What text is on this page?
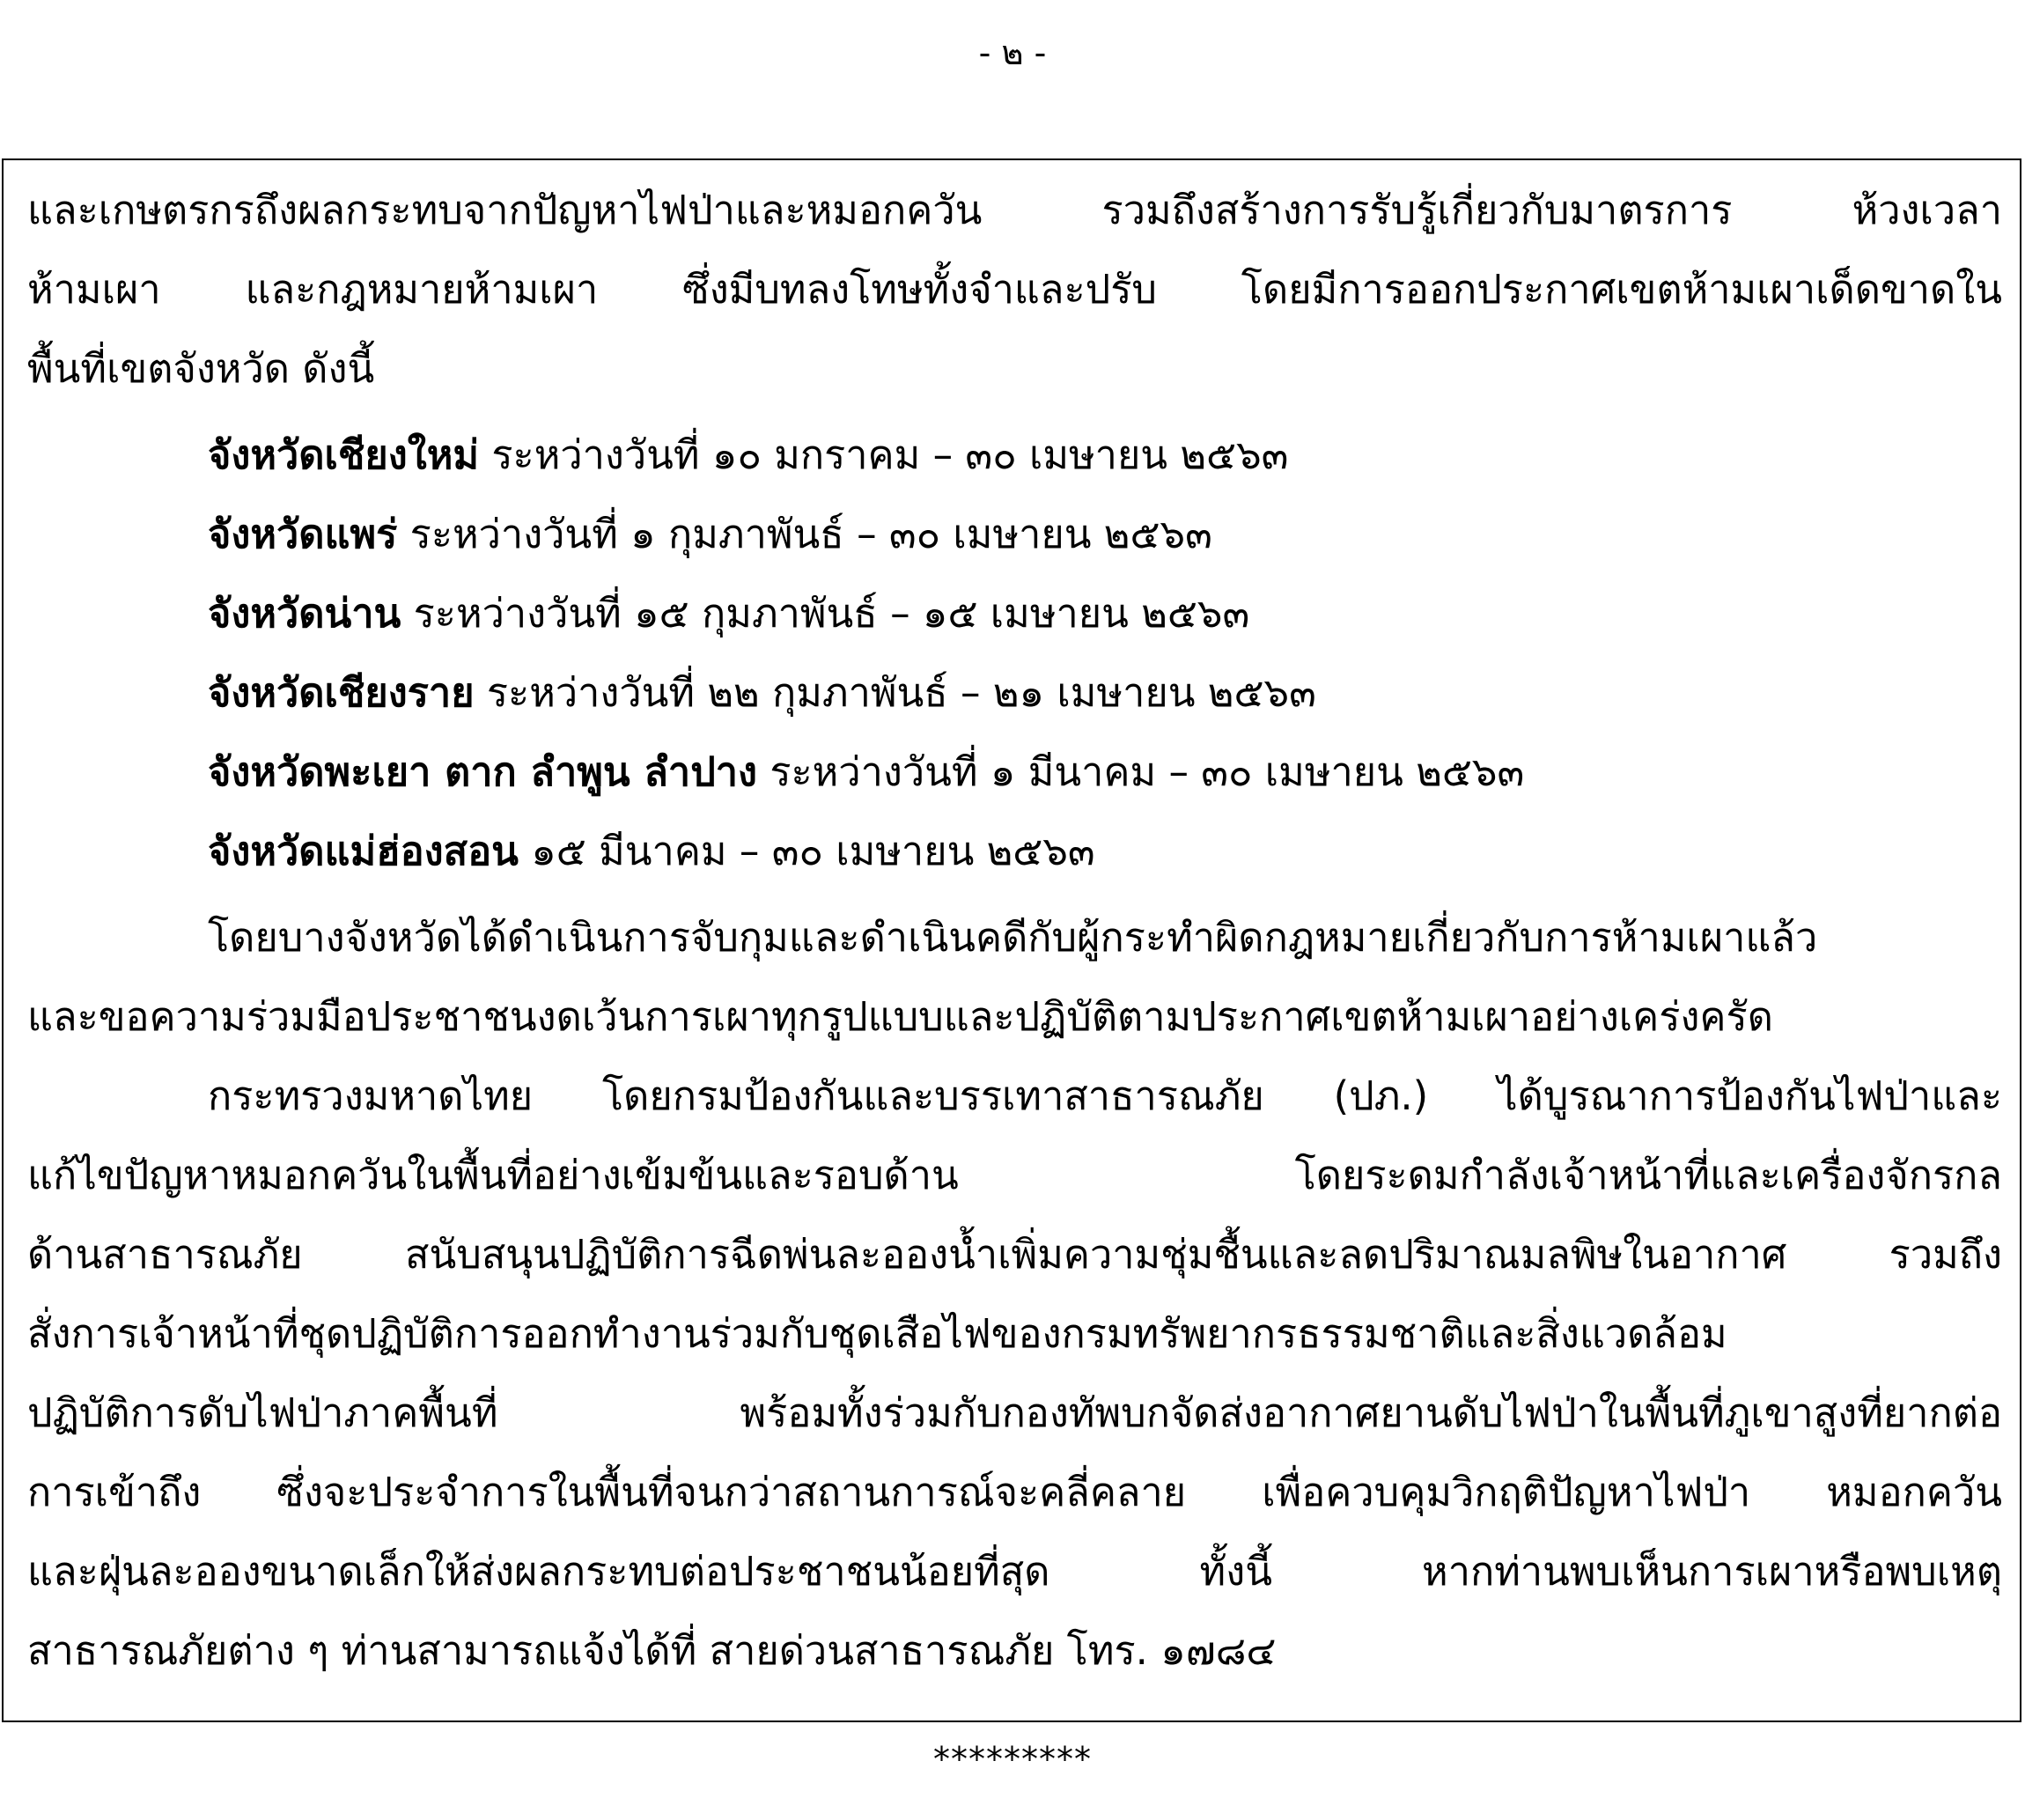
- ๒ -
และเกษตรกรถึงผลกระทบจากปัญหาไฟป่าและหมอกควัน รวมถึงสร้างการรับรู้เกี่ยวกับมาตรการ ห้วงเวลา
ห้ามเผา และกฎหมายห้ามเผา ซึ่งมีบทลงโทษทั้งจำและปรับ โดยมีการออกประกาศเขตห้ามเผาเด็ดขาดใน
พื้นที่เขตจังหวัด ดังนี้
จังหวัดเชียงใหม่ ระหว่างวันที่ ๑๐ มกราคม – ๓๐ เมษายน ๒๕๖๓
จังหวัดแพร่ ระหว่างวันที่ ๑ กุมภาพันธ์ – ๓๐ เมษายน ๒๕๖๓
จังหวัดน่าน ระหว่างวันที่ ๑๕ กุมภาพันธ์ – ๑๕ เมษายน ๒๕๖๓
จังหวัดเชียงราย ระหว่างวันที่ ๒๒ กุมภาพันธ์ – ๒๑ เมษายน ๒๕๖๓
จังหวัดพะเยา ตาก ลำพูน ลำปาง ระหว่างวันที่ ๑ มีนาคม – ๓๐ เมษายน ๒๕๖๓
จังหวัดแม่ฮ่องสอน ๑๕ มีนาคม – ๓๐ เมษายน ๒๕๖๓
โดยบางจังหวัดได้ดำเนินการจับกุมและดำเนินคดีกับผู้กระทำผิดกฎหมายเกี่ยวกับการห้ามเผาแล้ว
และขอความร่วมมือประชาชนงดเว้นการเผาทุกรูปแบบและปฏิบัติตามประกาศเขตห้ามเผาอย่างเคร่งครัด
กระทรวงมหาดไทย โดยกรมป้องกันและบรรเทาสาธารณภัย (ปภ.) ได้บูรณาการป้องกันไฟป่าและ
แก้ไขปัญหาหมอกควันในพื้นที่อย่างเข้มข้นและรอบด้าน โดยระดมกำลังเจ้าหน้าที่และเครื่องจักรกล
ด้านสาธารณภัย สนับสนุนปฏิบัติการฉีดพ่นละอองน้ำเพิ่มความชุ่มชื้นและลดปริมาณมลพิษในอากาศ รวมถึง
สั่งการเจ้าหน้าที่ชุดปฏิบัติการออกทำงานร่วมกับชุดเสือไฟของกรมทรัพยากรธรรมชาติและสิ่งแวดล้อม
ปฏิบัติการดับไฟป่าภาคพื้นที่ พร้อมทั้งร่วมกับกองทัพบกจัดส่งอากาศยานดับไฟป่าในพื้นที่ภูเขาสูงที่ยากต่อ
การเข้าถึง ซึ่งจะประจำการในพื้นที่จนกว่าสถานการณ์จะคลี่คลาย เพื่อควบคุมวิกฤติปัญหาไฟป่า หมอกควัน
และฝุ่นละอองขนาดเล็กให้ส่งผลกระทบต่อประชาชนน้อยที่สุด ทั้งนี้ หากท่านพบเห็นการเผาหรือพบเหตุ
สาธารณภัยต่าง ๆ ท่านสามารถแจ้งได้ที่ สายด่วนสาธารณภัย โทร. ๑๗๘๔
*********
